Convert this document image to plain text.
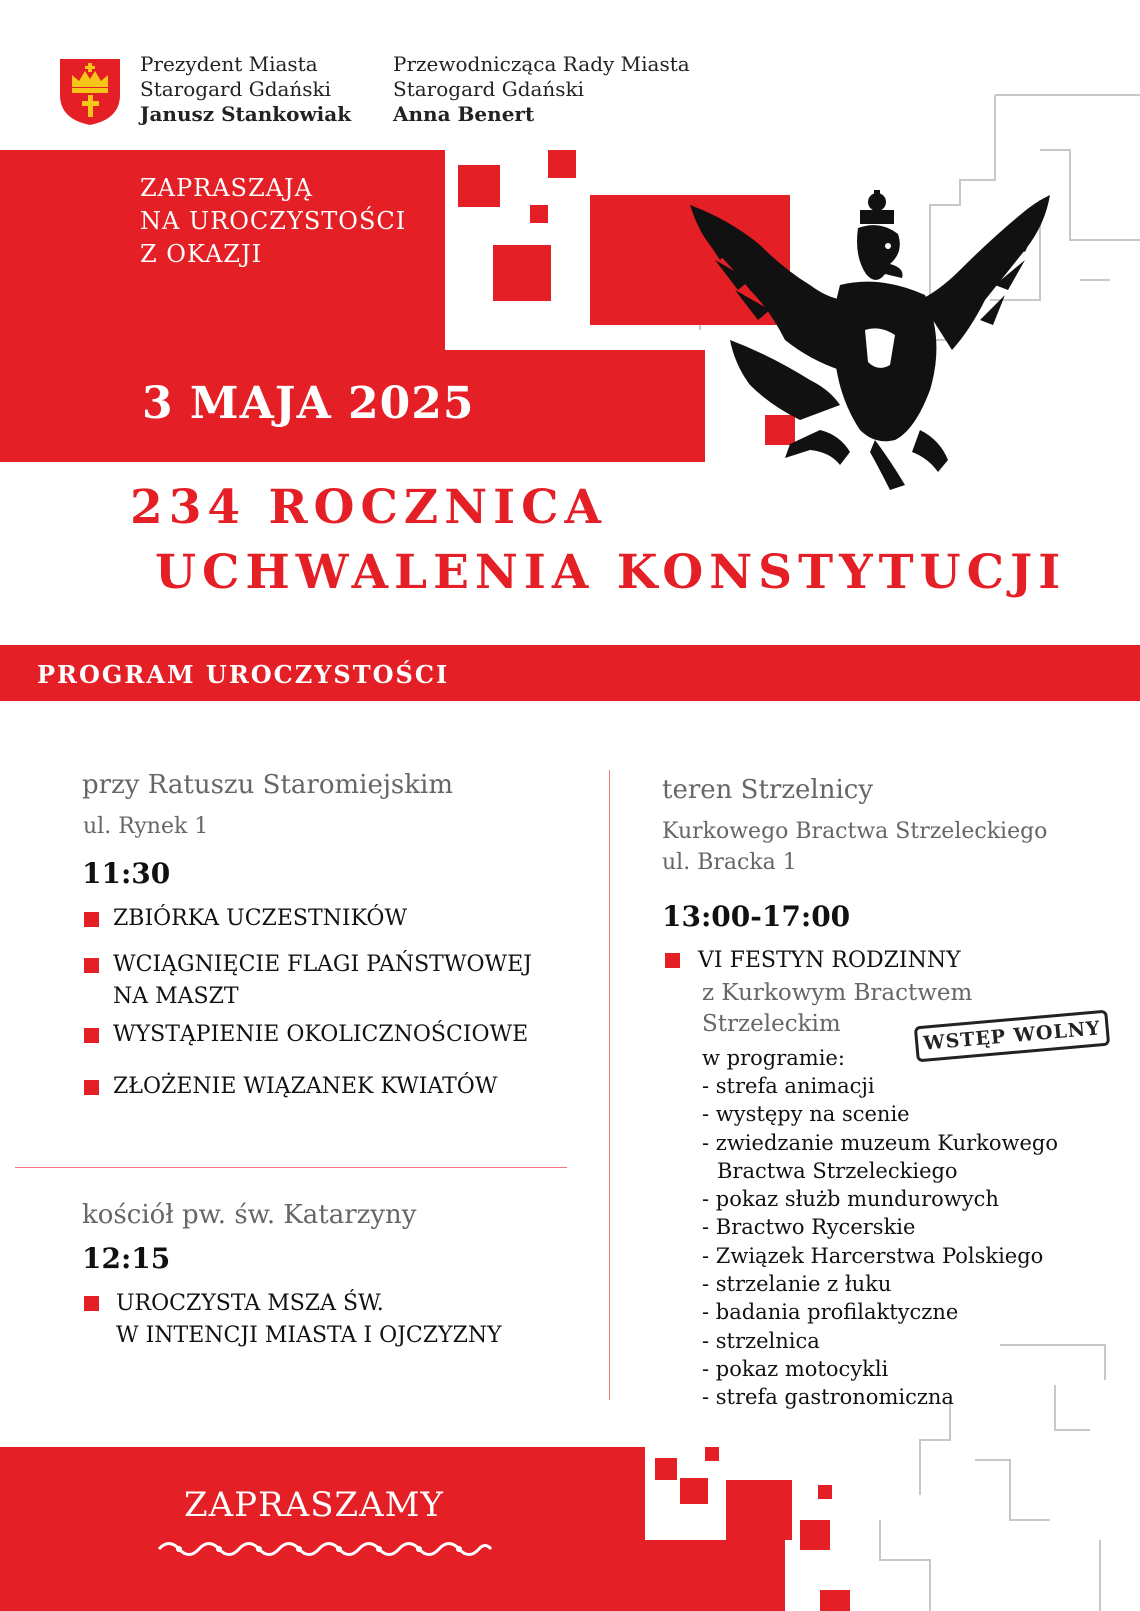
Prezydent Miasta
Starogard Gdański
Janusz Stankowiak
Przewodnicząca Rady Miasta
Starogard Gdański
Anna Benert
ZAPRASZAJĄ
NA UROCZYSTOŚCI
Z OKAZJI
3 MAJA 2025
234 ROCZNICA
UCHWALENIA KONSTYTUCJI
PROGRAM UROCZYSTOŚCI
przy Ratuszu Staromiejskim
ul. Rynek 1
11:30
ZBIÓRKA UCZESTNIKÓW
WCIĄGNIĘCIE FLAGI PAŃSTWOWEJ
NA MASZT
WYSTĄPIENIE OKOLICZNOŚCIOWE
ZŁOŻENIE WIĄZANEK KWIATÓW
kościół pw. św. Katarzyny
12:15
UROCZYSTA MSZA ŚW.
W INTENCJI MIASTA I OJCZYZNY
teren Strzelnicy
Kurkowego Bractwa Strzeleckiego
ul. Bracka 1
13:00-17:00
VI FESTYN RODZINNY
z Kurkowym Bractwem
Strzeleckim	WSTĘP WOLNY
w programie:
- strefa animacji
- występy na scenie
- zwiedzanie muzeum Kurkowego
Bractwa Strzeleckiego
- pokaz służb mundurowych
- Bractwo Rycerskie
- Związek Harcerstwa Polskiego
- strzelanie z łuku
- badania profilaktyczne
- strzelnica
- pokaz motocykli
- strefa gastronomiczna
ZAPRASZAMY
